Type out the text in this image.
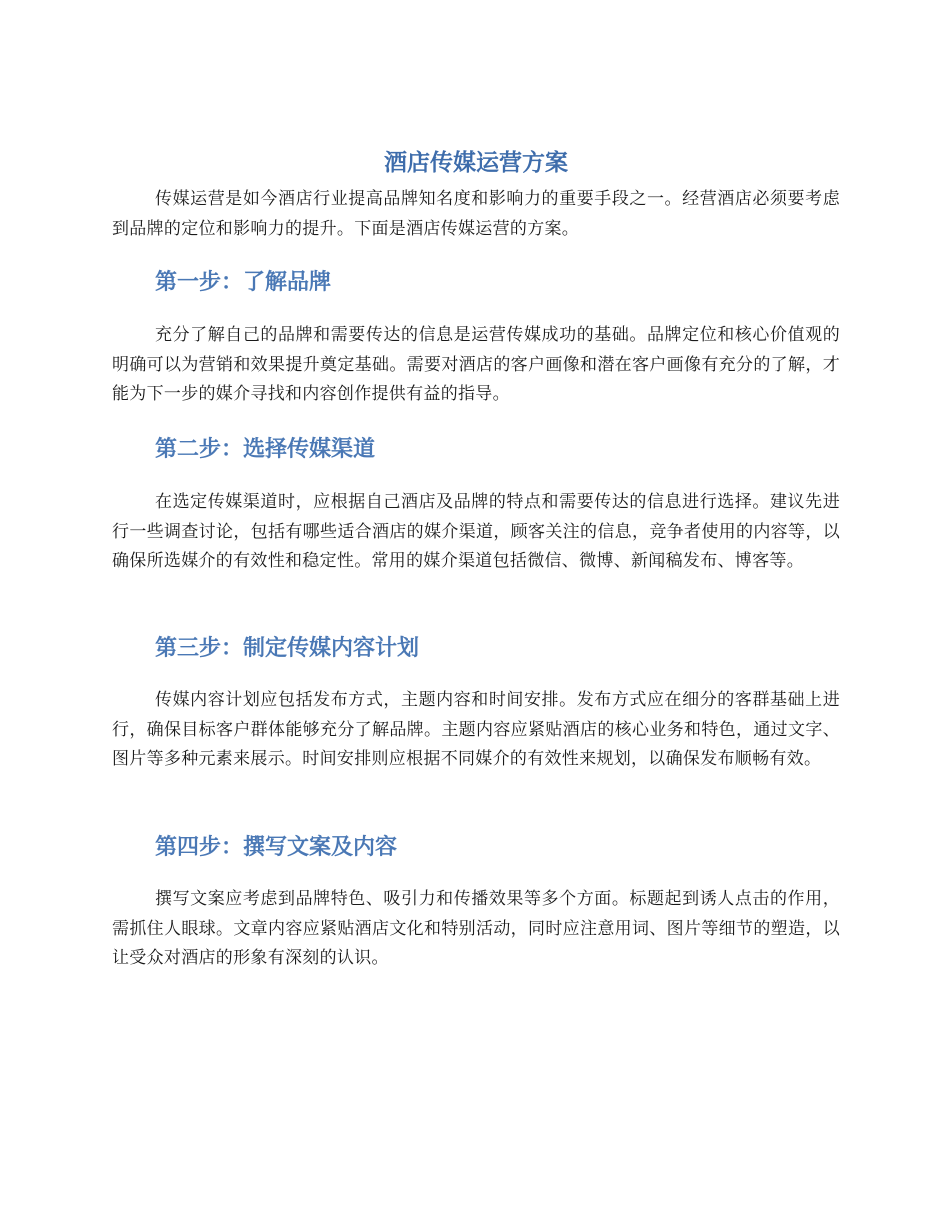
酒店传媒运营方案

传媒运营是如今酒店行业提高品牌知名度和影响力的重要手段之一。经营酒店必须要考虑到品牌的定位和影响力的提升。下面是酒店传媒运营的方案。

第一步：了解品牌

充分了解自己的品牌和需要传达的信息是运营传媒成功的基础。品牌定位和核心价值观的明确可以为营销和效果提升奠定基础。需要对酒店的客户画像和潜在客户画像有充分的了解，才能为下一步的媒介寻找和内容创作提供有益的指导。

第二步：选择传媒渠道

在选定传媒渠道时，应根据自己酒店及品牌的特点和需要传达的信息进行选择。建议先进行一些调查讨论，包括有哪些适合酒店的媒介渠道，顾客关注的信息，竞争者使用的内容等，以确保所选媒介的有效性和稳定性。常用的媒介渠道包括微信、微博、新闻稿发布、博客等。

第三步：制定传媒内容计划

传媒内容计划应包括发布方式，主题内容和时间安排。发布方式应在细分的客群基础上进行，确保目标客户群体能够充分了解品牌。主题内容应紧贴酒店的核心业务和特色，通过文字、图片等多种元素来展示。时间安排则应根据不同媒介的有效性来规划，以确保发布顺畅有效。

第四步：撰写文案及内容

撰写文案应考虑到品牌特色、吸引力和传播效果等多个方面。标题起到诱人点击的作用，需抓住人眼球。文章内容应紧贴酒店文化和特别活动，同时应注意用词、图片等细节的塑造，以让受众对酒店的形象有深刻的认识。
